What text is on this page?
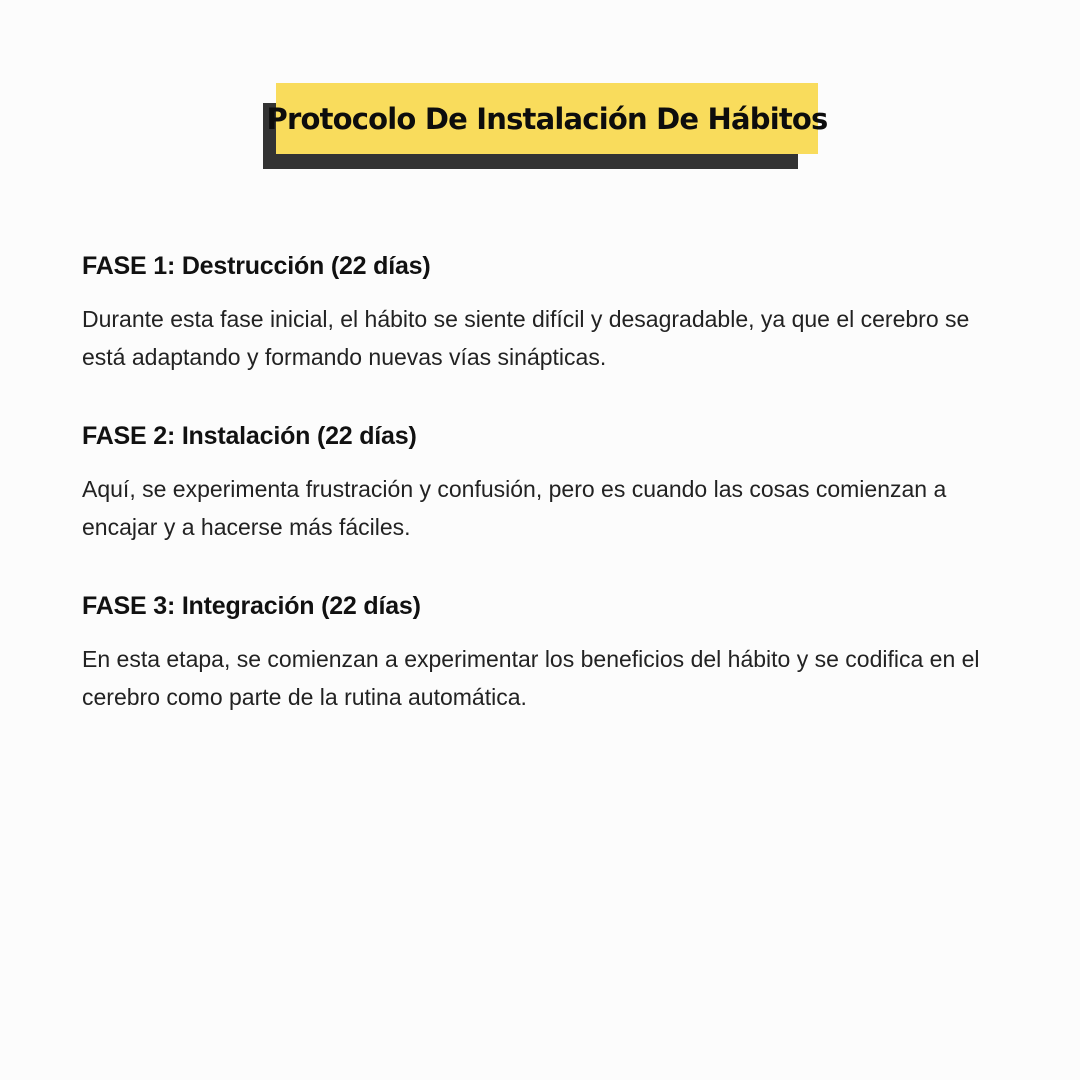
Protocolo De Instalación De Hábitos
FASE 1: Destrucción (22 días)

Durante esta fase inicial, el hábito se siente difícil y desagradable, ya que el cerebro se está adaptando y formando nuevas vías sinápticas.

FASE 2: Instalación (22 días)

Aquí, se experimenta frustración y confusión, pero es cuando las cosas comienzan a encajar y a hacerse más fáciles.

FASE 3: Integración (22 días)

En esta etapa, se comienzan a experimentar los beneficios del hábito y se codifica en el cerebro como parte de la rutina automática.
